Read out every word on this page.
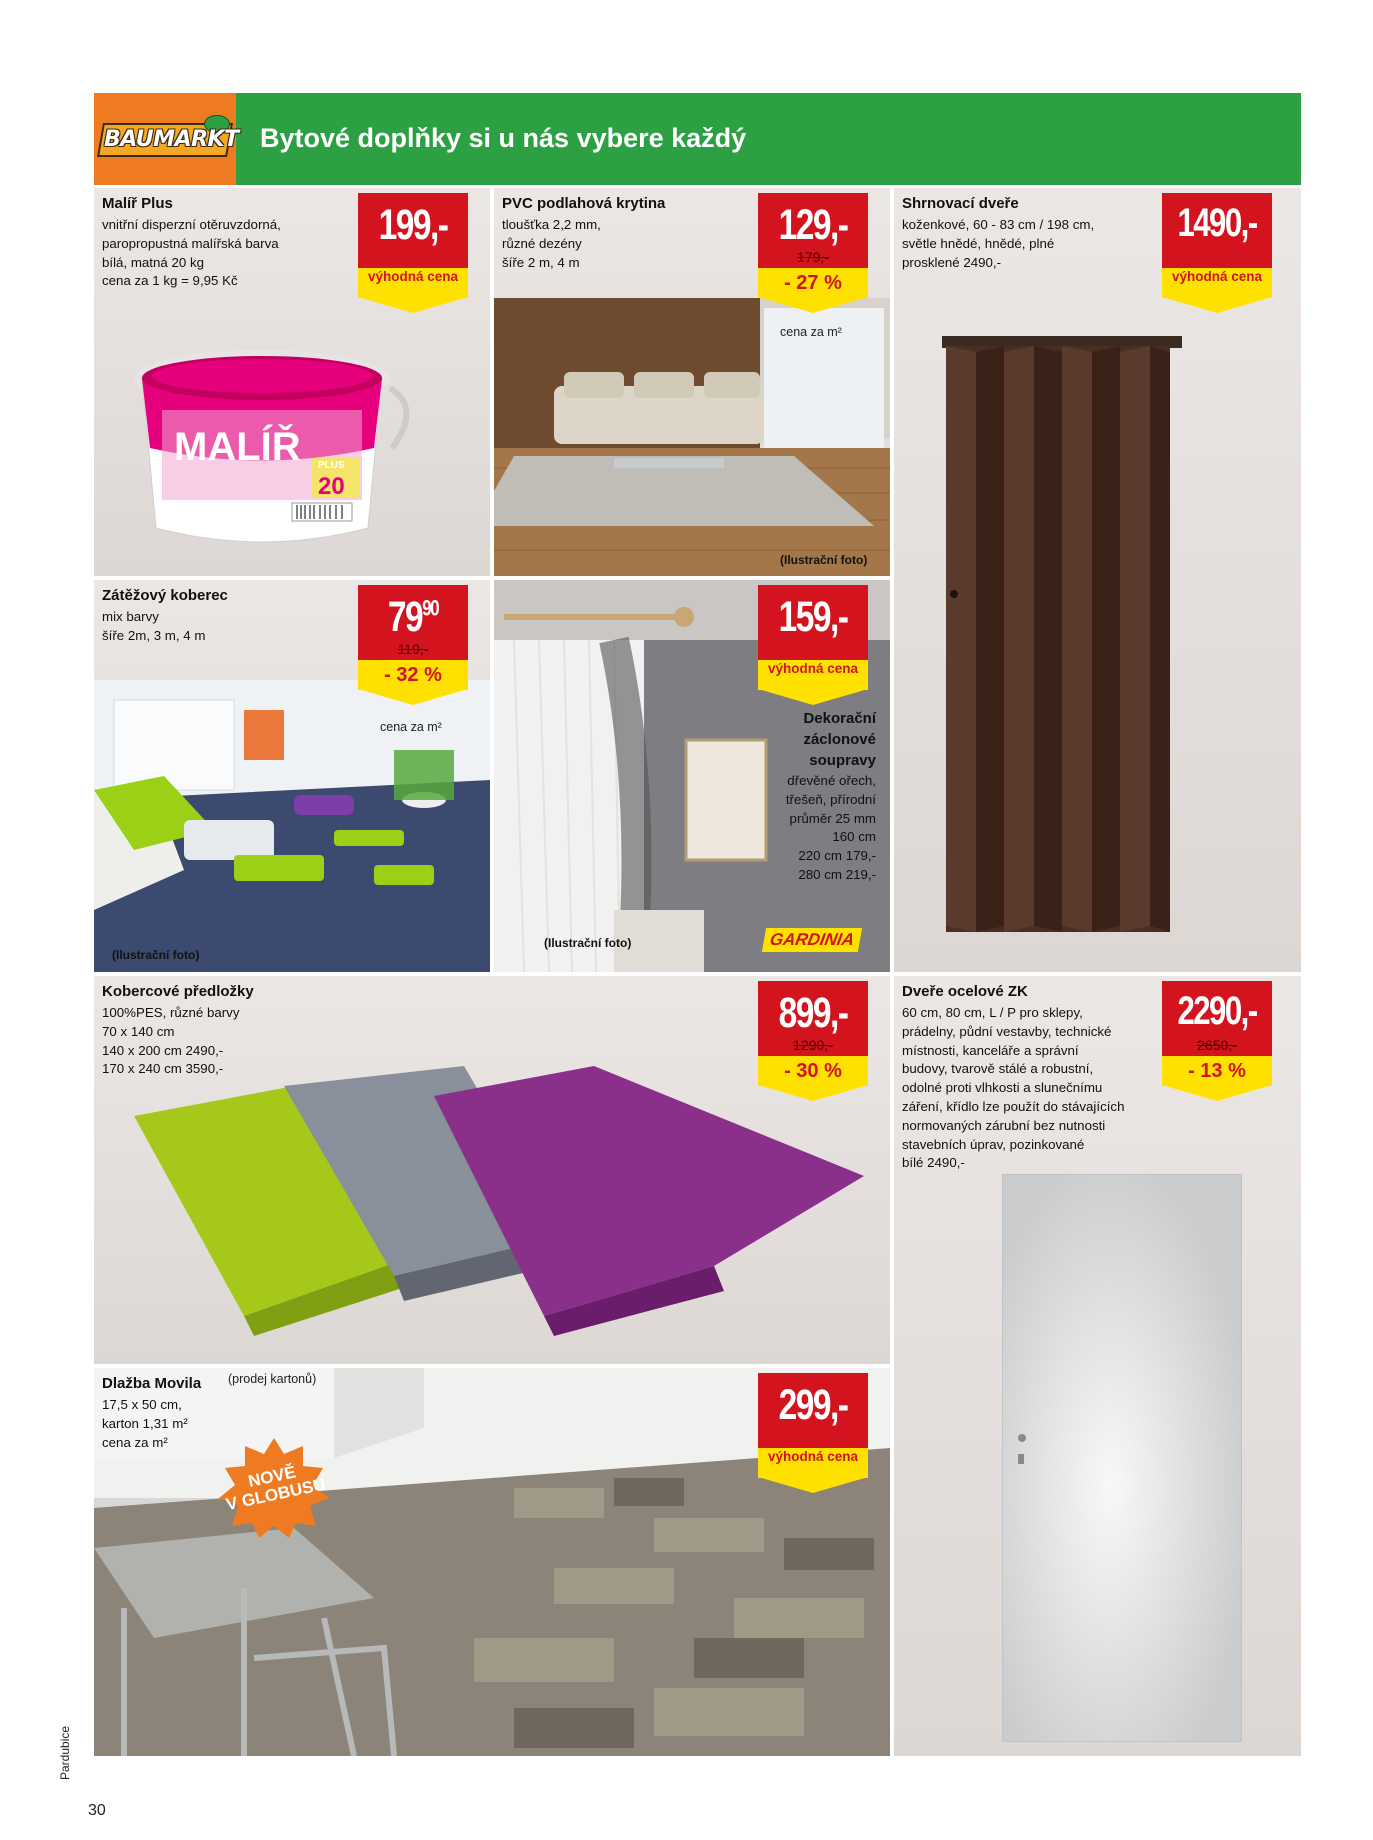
BAUMARKT Bytové doplňky si u nás vybere každý
Malíř Plus
vnitřní disperzní otěruvzdorná,
paropropustná malířská barva
bílá, matná 20 kg
cena za 1 kg = 9,95 Kč
MALÍŘ PLUS
20
199,-
výhodná cena
PVC podlahová krytina
tloušťka 2,2 mm,
různé dezény
šíře 2 m, 4 m
cena za m²
(Ilustrační foto)
129,-
179,-
- 27 %
Shrnovací dveře
koženkové, 60 - 83 cm / 198 cm,
světle hnědé, hnědé, plné
prosklené 2490,-
1490,-
výhodná cena
Zátěžový koberec
mix barvy
šíře 2m, 3 m, 4 m
cena za m²
(Ilustrační foto)
$79^{90}$
119,-
- 32 %
Dekorační
záclonové
soupravy
dřevěné ořech,
třešeň, přírodní
průměr 25 mm
160 cm
220 cm 179,-
280 cm 219,-
(Ilustrační foto)	GARDINIA
159,-
výhodná cena
Kobercové předložky
100%PES, různé barvy
70 x 140 cm
140 x 200 cm 2490,-
170 x 240 cm 3590,-
899,-
1290,-
- 30 %
Dveře ocelové ZK
60 cm, 80 cm, L / P pro sklepy,
prádelny, půdní vestavby, technické
místnosti, kanceláře a správní
budovy, tvarově stálé a robustní,
odolné proti vlhkosti a slunečnímu
záření, křídlo lze použít do stávajících
normovaných zárubní bez nutnosti
stavebních úprav, pozinkované
bílé 2490,-
2290,-
2650,-
- 13 %
Dlažba Movila (prodej kartonů)
17,5 x 50 cm,
karton 1,31 m²
cena za m²
NOVĚ
V GLOBUSU
299,-
výhodná cena
Pardubice
30
